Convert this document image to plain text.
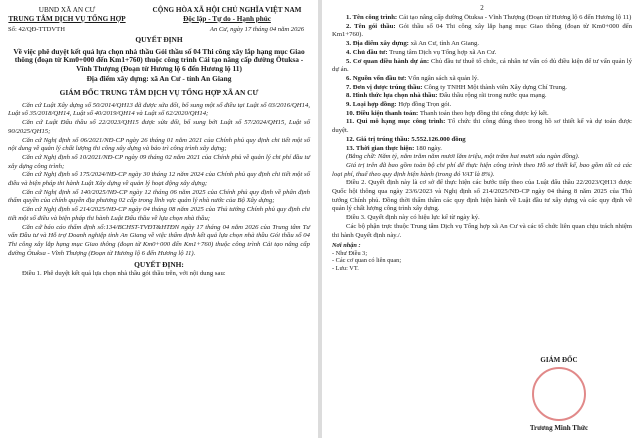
UBND XÃ AN CƯ
TRUNG TÂM DỊCH VỤ TỔNG HỢP
CỘNG HÒA XÃ HỘI CHỦ NGHĨA VIỆT NAM
Độc lập - Tự do - Hạnh phúc
Số: 42/QĐ-TTDVTH	An Cư, ngày 17 tháng 04 năm 2026
QUYẾT ĐỊNH
Về việc phê duyệt kết quả lựa chọn nhà thầu Gói thầu số 04 Thi công xây lắp hạng mục Giao thông (đoạn từ Km0+000 đến Km1+760) thuộc công trình Cải tạo nâng cấp đường Ötuksa - Vĩnh Thượng (Đoạn từ Hương lộ 6 đến Hương lộ 11)
Địa điểm xây dựng: xã An Cư - tỉnh An Giang
GIÁM ĐỐC TRUNG TÂM DỊCH VỤ TỔNG HỢP XÃ AN CƯ

Căn cứ Luật Xây dựng số 50/2014/QH13 đã được sửa đổi, bổ sung một số điều tại Luật số 03/2016/QH14, Luật số 35/2018/QH14, Luật số 40/2019/QH14 và Luật số 62/2020/QH14;

Căn cứ Luật Đấu thầu số 22/2023/QH15 được sửa đổi, bổ sung bởi Luật số 57/2024/QH15, Luật số 90/2025/QH15;

Căn cứ Nghị định số 06/2021/NĐ-CP ngày 26 tháng 01 năm 2021 của Chính phủ quy định chi tiết một số nội dung về quản lý chất lượng thi công xây dựng và bảo trì công trình xây dựng;

Căn cứ Nghị định số 10/2021/NĐ-CP ngày 09 tháng 02 năm 2021 của Chính phủ về quản lý chi phí đầu tư xây dựng công trình;

Căn cứ Nghị định số 175/2024/NĐ-CP ngày 30 tháng 12 năm 2024 của Chính phủ quy định chi tiết một số điều và biện pháp thi hành Luật Xây dựng về quản lý hoạt động xây dựng;

Căn cứ Nghị định số 140/2025/NĐ-CP ngày 12 tháng 06 năm 2025 của Chính phủ quy định về phân định thẩm quyền của chính quyền địa phương 02 cấp trong lĩnh vực quản lý nhà nước của Bộ Xây dựng;

Căn cứ Nghị định số 214/2025/NĐ-CP ngày 04 tháng 08 năm 2025 của Thủ tướng Chính phủ quy định chi tiết một số điều và biện pháp thi hành Luật Đấu thầu về lựa chọn nhà thầu;

Căn cứ báo cáo thẩm định số:134/BCHST-TVĐT&HTĐN ngày 17 tháng 04 năm 2026 của Trung tâm Tư vấn Đầu tư và Hỗ trợ Doanh nghiệp tỉnh An Giang về việc thẩm định kết quả lựa chọn nhà thầu Gói thầu số 04 Thi công xây lắp hạng mục Giao thông (đoạn từ Km0+000 đến Km1+760) thuộc công trình Cải tạo nâng cấp đường Ötuksa - Vĩnh Thượng (Đoạn từ Hương lộ 6 đến Hương lộ 11).

QUYẾT ĐỊNH:

Điều 1. Phê duyệt kết quả lựa chọn nhà thầu gói thầu trên, với nội dung sau:

2

1. Tên công trình: Cải tạo nâng cấp đường Ötuksa - Vĩnh Thượng (Đoạn từ Hương lộ 6 đến Hương lộ 11)

2. Tên gói thầu: Gói thầu số 04 Thi công xây lắp hạng mục Giao thông (đoạn từ Km0+000 đến Km1+760).

3. Địa điểm xây dựng: xã An Cư, tỉnh An Giang.

4. Chủ đầu tư: Trung tâm Dịch vụ Tổng hợp xã An Cư.

5. Cơ quan điều hành dự án: Chủ đầu tư thuê tổ chức, cá nhân tư vấn có đủ điều kiện để tư vấn quản lý dự án.

6. Nguồn vốn đầu tư: Vốn ngân sách xã quản lý.

7. Đơn vị được trúng thầu: Công ty TNHH Một thành viên Xây dựng Chí Trung.

8. Hình thức lựa chọn nhà thầu: Đấu thầu rộng rãi trong nước qua mạng.

9. Loại hợp đồng: Hợp đồng Trọn gói.

10. Điều kiện thanh toán: Thanh toán theo hợp đồng thi công được ký kết.

11. Qui mô hạng mục công trình: Tổ chức thi công đúng theo trong hồ sơ thiết kế và dự toán được duyệt.

12. Giá trị trúng thầu: 5.552.126.000 đồng

13. Thời gian thực hiện: 180 ngày.

(Bằng chữ: Năm tỷ, năm trăm năm mươi lăm triệu, một trăm hai mươi sáu ngàn đồng).

Giá trị trên đã bao gồm toàn bộ chi phí để thực hiện công trình theo Hồ sơ thiết kế, bao gồm tất cả các loại phí, thuế theo quy định hiện hành (trong đó VAT là 8%).

Điều 2. Quyết định này là cơ sở để thực hiện các bước tiếp theo của Luật đấu thầu 22/2023/QH13 được Quốc hội thông qua ngày 23/6/2023 và Nghị định số 214/2025/NĐ-CP ngày 04 tháng 8 năm 2025 của Thủ tướng Chính phủ. Đồng thời thẩm thẩm các quy định hiện hành về Luật đầu tư xây dựng và các quy định về quản lý chất lượng công trình xây dựng.

Điều 3. Quyết định này có hiệu lực kể từ ngày ký.

Các bộ phận trực thuộc Trung tâm Dịch vụ Tổng hợp xã An Cư và các tổ chức liên quan chịu trách nhiệm thi hành Quyết định này./.

Nơi nhận :
- Như Điều 3;
- Các cơ quan có liên quan;
- Lưu: VT.
GIÁM ĐỐC
Trương Minh Thức
